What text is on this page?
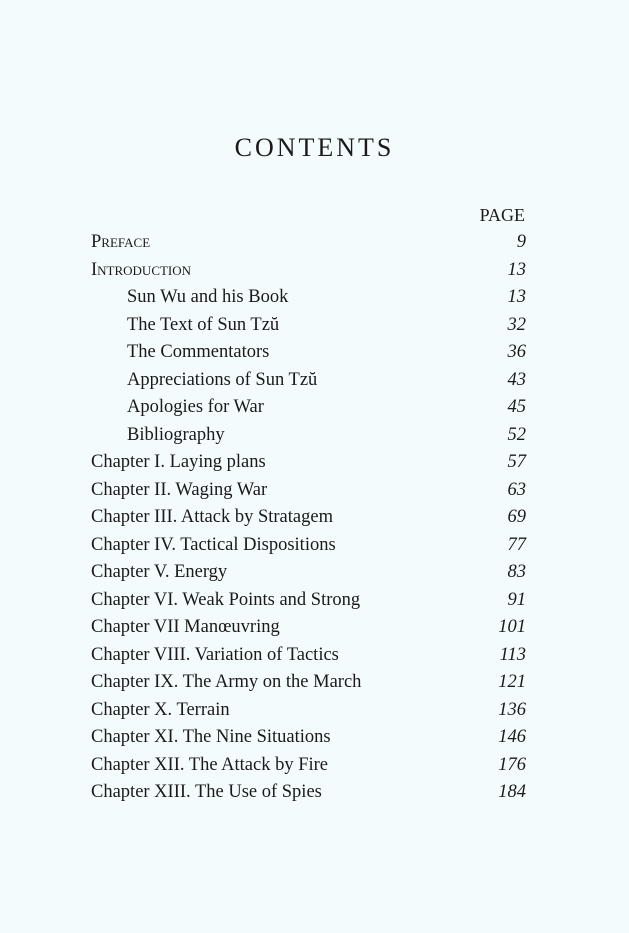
CONTENTS
PAGE
Preface	9
Introduction	13
Sun Wu and his Book	13
The Text of Sun Tzŭ	32
The Commentators	36
Appreciations of Sun Tzŭ	43
Apologies for War	45
Bibliography	52
Chapter I. Laying plans	57
Chapter II. Waging War	63
Chapter III. Attack by Stratagem	69
Chapter IV. Tactical Dispositions	77
Chapter V. Energy	83
Chapter VI. Weak Points and Strong	91
Chapter VII Manœuvring	101
Chapter VIII. Variation of Tactics	113
Chapter IX. The Army on the March	121
Chapter X. Terrain	136
Chapter XI. The Nine Situations	146
Chapter XII. The Attack by Fire	176
Chapter XIII. The Use of Spies	184
